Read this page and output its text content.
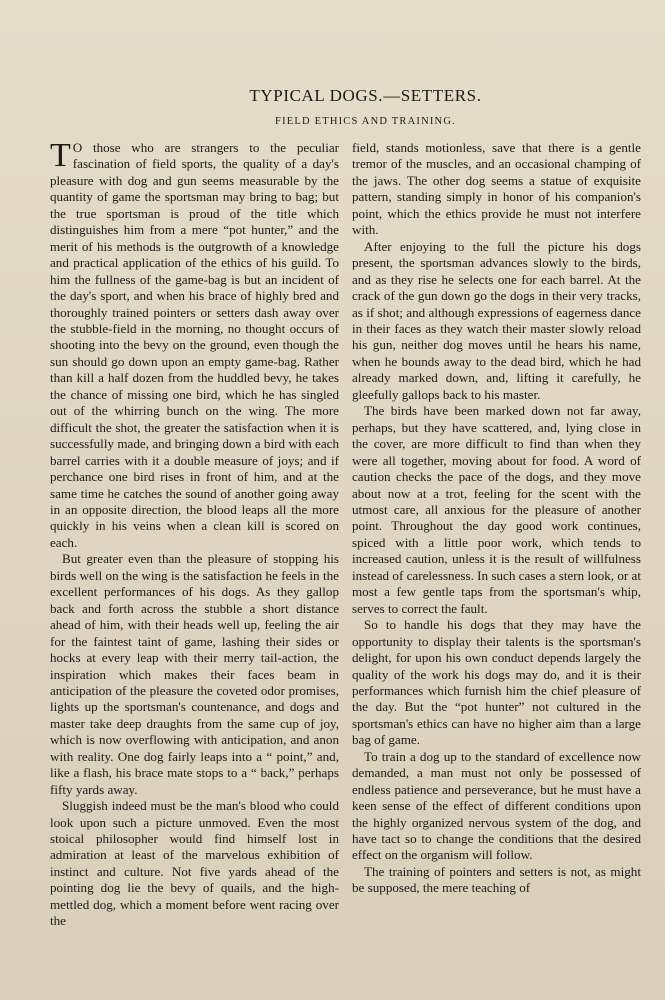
TYPICAL DOGS.—SETTERS.
FIELD ETHICS AND TRAINING.

T O those who are strangers to the peculiar fascination of field sports, the quality of a day's pleasure with dog and gun seems measurable by the quantity of game the sportsman may bring to bag; but the true sportsman is proud of the title which distinguishes him from a mere “pot hunter,” and the merit of his methods is the outgrowth of a knowledge and practical application of the ethics of his guild. To him the fullness of the game-bag is but an incident of the day's sport, and when his brace of highly bred and thoroughly trained pointers or setters dash away over the stubble-field in the morning, no thought occurs of shooting into the bevy on the ground, even though the sun should go down upon an empty game-bag. Rather than kill a half dozen from the huddled bevy, he takes the chance of missing one bird, which he has singled out of the whirring bunch on the wing. The more difficult the shot, the greater the satisfaction when it is successfully made, and bringing down a bird with each barrel carries with it a double measure of joys; and if perchance one bird rises in front of him, and at the same time he catches the sound of another going away in an opposite direction, the blood leaps all the more quickly in his veins when a clean kill is scored on each.

But greater even than the pleasure of stopping his birds well on the wing is the satisfaction he feels in the excellent performances of his dogs. As they gallop back and forth across the stubble a short distance ahead of him, with their heads well up, feeling the air for the faintest taint of game, lashing their sides or hocks at every leap with their merry tail-action, the inspiration which makes their faces beam in anticipation of the pleasure the coveted odor promises, lights up the sportsman's countenance, and dogs and master take deep draughts from the same cup of joy, which is now overflowing with anticipation, and anon with reality. One dog fairly leaps into a “ point,” and, like a flash, his brace mate stops to a “ back,” perhaps fifty yards away.

Sluggish indeed must be the man's blood who could look upon such a picture unmoved. Even the most stoical philosopher would find himself lost in admiration at least of the marvelous exhibition of instinct and culture. Not five yards ahead of the pointing dog lie the bevy of quails, and the high-mettled dog, which a moment before went racing over the

field, stands motionless, save that there is a gentle tremor of the muscles, and an occasional champing of the jaws. The other dog seems a statue of exquisite pattern, standing simply in honor of his companion's point, which the ethics provide he must not interfere with.

After enjoying to the full the picture his dogs present, the sportsman advances slowly to the birds, and as they rise he selects one for each barrel. At the crack of the gun down go the dogs in their very tracks, as if shot; and although expressions of eagerness dance in their faces as they watch their master slowly reload his gun, neither dog moves until he hears his name, when he bounds away to the dead bird, which he had already marked down, and, lifting it carefully, he gleefully gallops back to his master.

The birds have been marked down not far away, perhaps, but they have scattered, and, lying close in the cover, are more difficult to find than when they were all together, moving about for food. A word of caution checks the pace of the dogs, and they move about now at a trot, feeling for the scent with the utmost care, all anxious for the pleasure of another point. Throughout the day good work continues, spiced with a little poor work, which tends to increased caution, unless it is the result of willfulness instead of carelessness. In such cases a stern look, or at most a few gentle taps from the sportsman's whip, serves to correct the fault.

So to handle his dogs that they may have the opportunity to display their talents is the sportsman's delight, for upon his own conduct depends largely the quality of the work his dogs may do, and it is their performances which furnish him the chief pleasure of the day. But the “pot hunter” not cultured in the sportsman's ethics can have no higher aim than a large bag of game.

To train a dog up to the standard of excellence now demanded, a man must not only be possessed of endless patience and perseverance, but he must have a keen sense of the effect of different conditions upon the highly organized nervous system of the dog, and have tact so to change the conditions that the desired effect on the organism will follow.

The training of pointers and setters is not, as might be supposed, the mere teaching of
